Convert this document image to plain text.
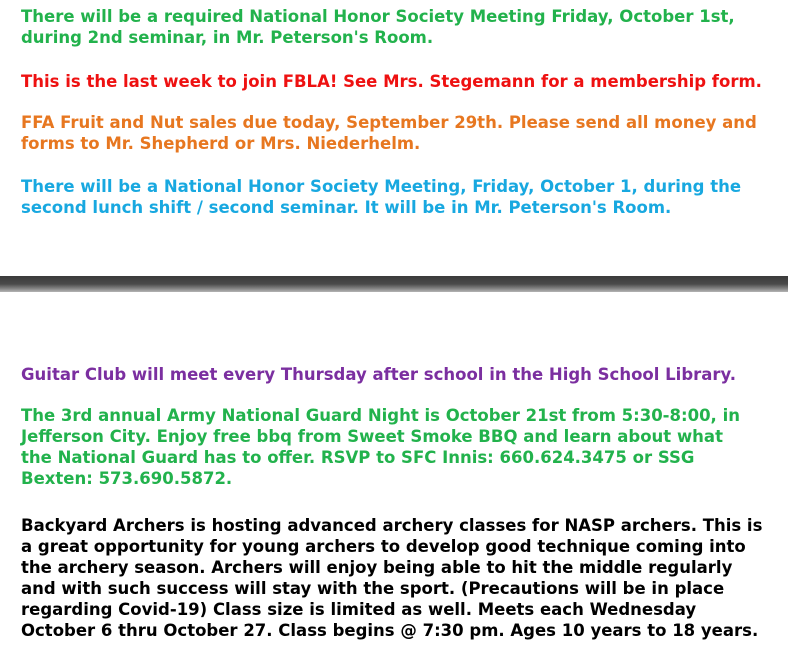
There will be a required National Honor Society Meeting Friday, October 1st,
during 2nd seminar, in Mr. Peterson's Room.

This is the last week to join FBLA! See Mrs. Stegemann for a membership form.

FFA Fruit and Nut sales due today, September 29th. Please send all money and
forms to Mr. Shepherd or Mrs. Niederhelm.

There will be a National Honor Society Meeting, Friday, October 1, during the
second lunch shift / second seminar. It will be in Mr. Peterson's Room.

Guitar Club will meet every Thursday after school in the High School Library.

The 3rd annual Army National Guard Night is October 21st from 5:30-8:00, in
Jefferson City. Enjoy free bbq from Sweet Smoke BBQ and learn about what
the National Guard has to offer. RSVP to SFC Innis: 660.624.3475 or SSG
Bexten: 573.690.5872.

Backyard Archers is hosting advanced archery classes for NASP archers. This is
a great opportunity for young archers to develop good technique coming into
the archery season. Archers will enjoy being able to hit the middle regularly
and with such success will stay with the sport. (Precautions will be in place
regarding Covid-19) Class size is limited as well. Meets each Wednesday
October 6 thru October 27. Class begins @ 7:30 pm. Ages 10 years to 18 years.
